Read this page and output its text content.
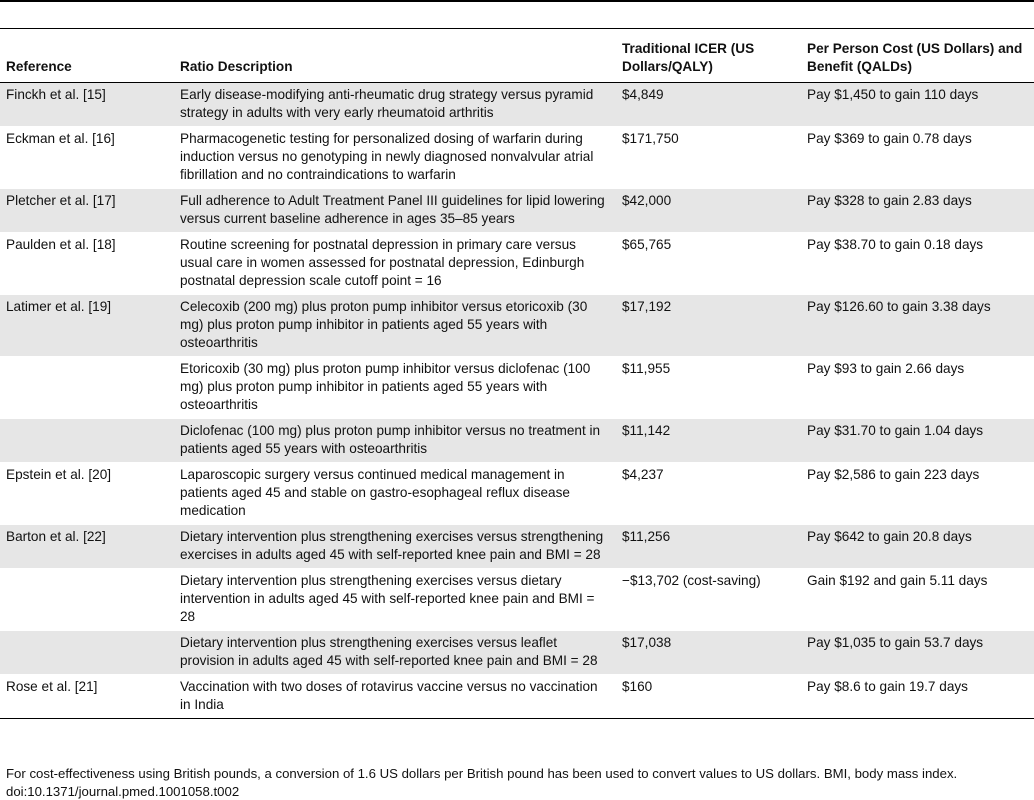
Reference	Ratio Description	Traditional ICER (US Dollars/QALY)	Per Person Cost (US Dollars) and Benefit (QALDs)
Finckh et al. [15]	Early disease-modifying anti-rheumatic drug strategy versus pyramid strategy in adults with very early rheumatoid arthritis	$4,849	Pay $1,450 to gain 110 days
Eckman et al. [16]	Pharmacogenetic testing for personalized dosing of warfarin during induction versus no genotyping in newly diagnosed nonvalvular atrial fibrillation and no contraindications to warfarin	$171,750	Pay $369 to gain 0.78 days
Pletcher et al. [17]	Full adherence to Adult Treatment Panel III guidelines for lipid lowering versus current baseline adherence in ages 35–85 years	$42,000	Pay $328 to gain 2.83 days
Paulden et al. [18]	Routine screening for postnatal depression in primary care versus usual care in women assessed for postnatal depression, Edinburgh postnatal depression scale cutoff point = 16	$65,765	Pay $38.70 to gain 0.18 days
Latimer et al. [19]	Celecoxib (200 mg) plus proton pump inhibitor versus etoricoxib (30 mg) plus proton pump inhibitor in patients aged 55 years with osteoarthritis	$17,192	Pay $126.60 to gain 3.38 days
	Etoricoxib (30 mg) plus proton pump inhibitor versus diclofenac (100 mg) plus proton pump inhibitor in patients aged 55 years with osteoarthritis	$11,955	Pay $93 to gain 2.66 days
	Diclofenac (100 mg) plus proton pump inhibitor versus no treatment in patients aged 55 years with osteoarthritis	$11,142	Pay $31.70 to gain 1.04 days
Epstein et al. [20]	Laparoscopic surgery versus continued medical management in patients aged 45 and stable on gastro-esophageal reflux disease medication	$4,237	Pay $2,586 to gain 223 days
Barton et al. [22]	Dietary intervention plus strengthening exercises versus strengthening exercises in adults aged 45 with self-reported knee pain and BMI = 28	$11,256	Pay $642 to gain 20.8 days
	Dietary intervention plus strengthening exercises versus dietary intervention in adults aged 45 with self-reported knee pain and BMI = 28	−$13,702 (cost-saving)	Gain $192 and gain 5.11 days
	Dietary intervention plus strengthening exercises versus leaflet provision in adults aged 45 with self-reported knee pain and BMI = 28	$17,038	Pay $1,035 to gain 53.7 days
Rose et al. [21]	Vaccination with two doses of rotavirus vaccine versus no vaccination in India	$160	Pay $8.6 to gain 19.7 days
For cost-effectiveness using British pounds, a conversion of 1.6 US dollars per British pound has been used to convert values to US dollars. BMI, body mass index.
doi:10.1371/journal.pmed.1001058.t002
